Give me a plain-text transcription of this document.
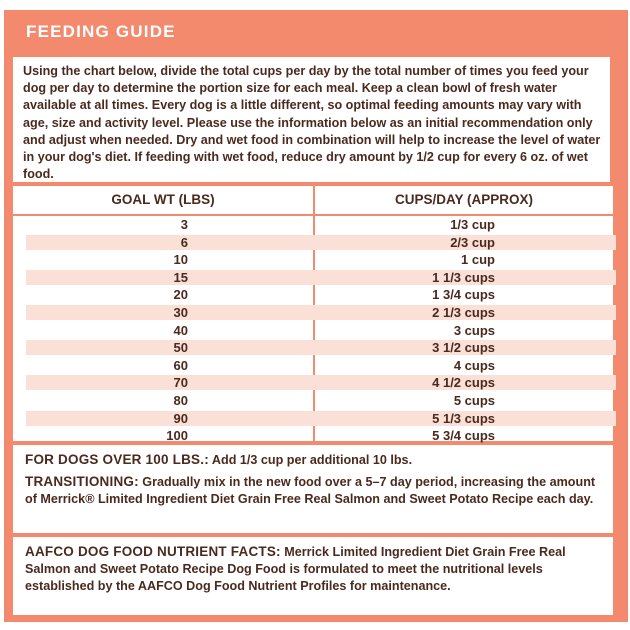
FEEDING GUIDE
Using the chart below, divide the total cups per day by the total number of times you feed your dog per day to determine the portion size for each meal. Keep a clean bowl of fresh water available at all times. Every dog is a little different, so optimal feeding amounts may vary with age, size and activity level. Please use the information below as an initial recommendation only and adjust when needed. Dry and wet food in combination will help to increase the level of water in your dog's diet. If feeding with wet food, reduce dry amount by 1/2 cup for every 6 oz. of wet food.
GOAL WT (LBS)	CUPS/DAY (APPROX)
3	1/3 cup
6	2/3 cup
10	1 cup
15	1 1/3 cups
20	1 3/4 cups
30	2 1/3 cups
40	3 cups
50	3 1/2 cups
60	4 cups
70	4 1/2 cups
80	5 cups
90	5 1/3 cups
100	5 3/4 cups

FOR DOGS OVER 100 LBS.: Add 1/3 cup per additional 10 lbs.

TRANSITIONING: Gradually mix in the new food over a 5–7 day period, increasing the amount of Merrick® Limited Ingredient Diet Grain Free Real Salmon and Sweet Potato Recipe each day.

AAFCO DOG FOOD NUTRIENT FACTS: Merrick Limited Ingredient Diet Grain Free Real Salmon and Sweet Potato Recipe Dog Food is formulated to meet the nutritional levels established by the AAFCO Dog Food Nutrient Profiles for maintenance.
